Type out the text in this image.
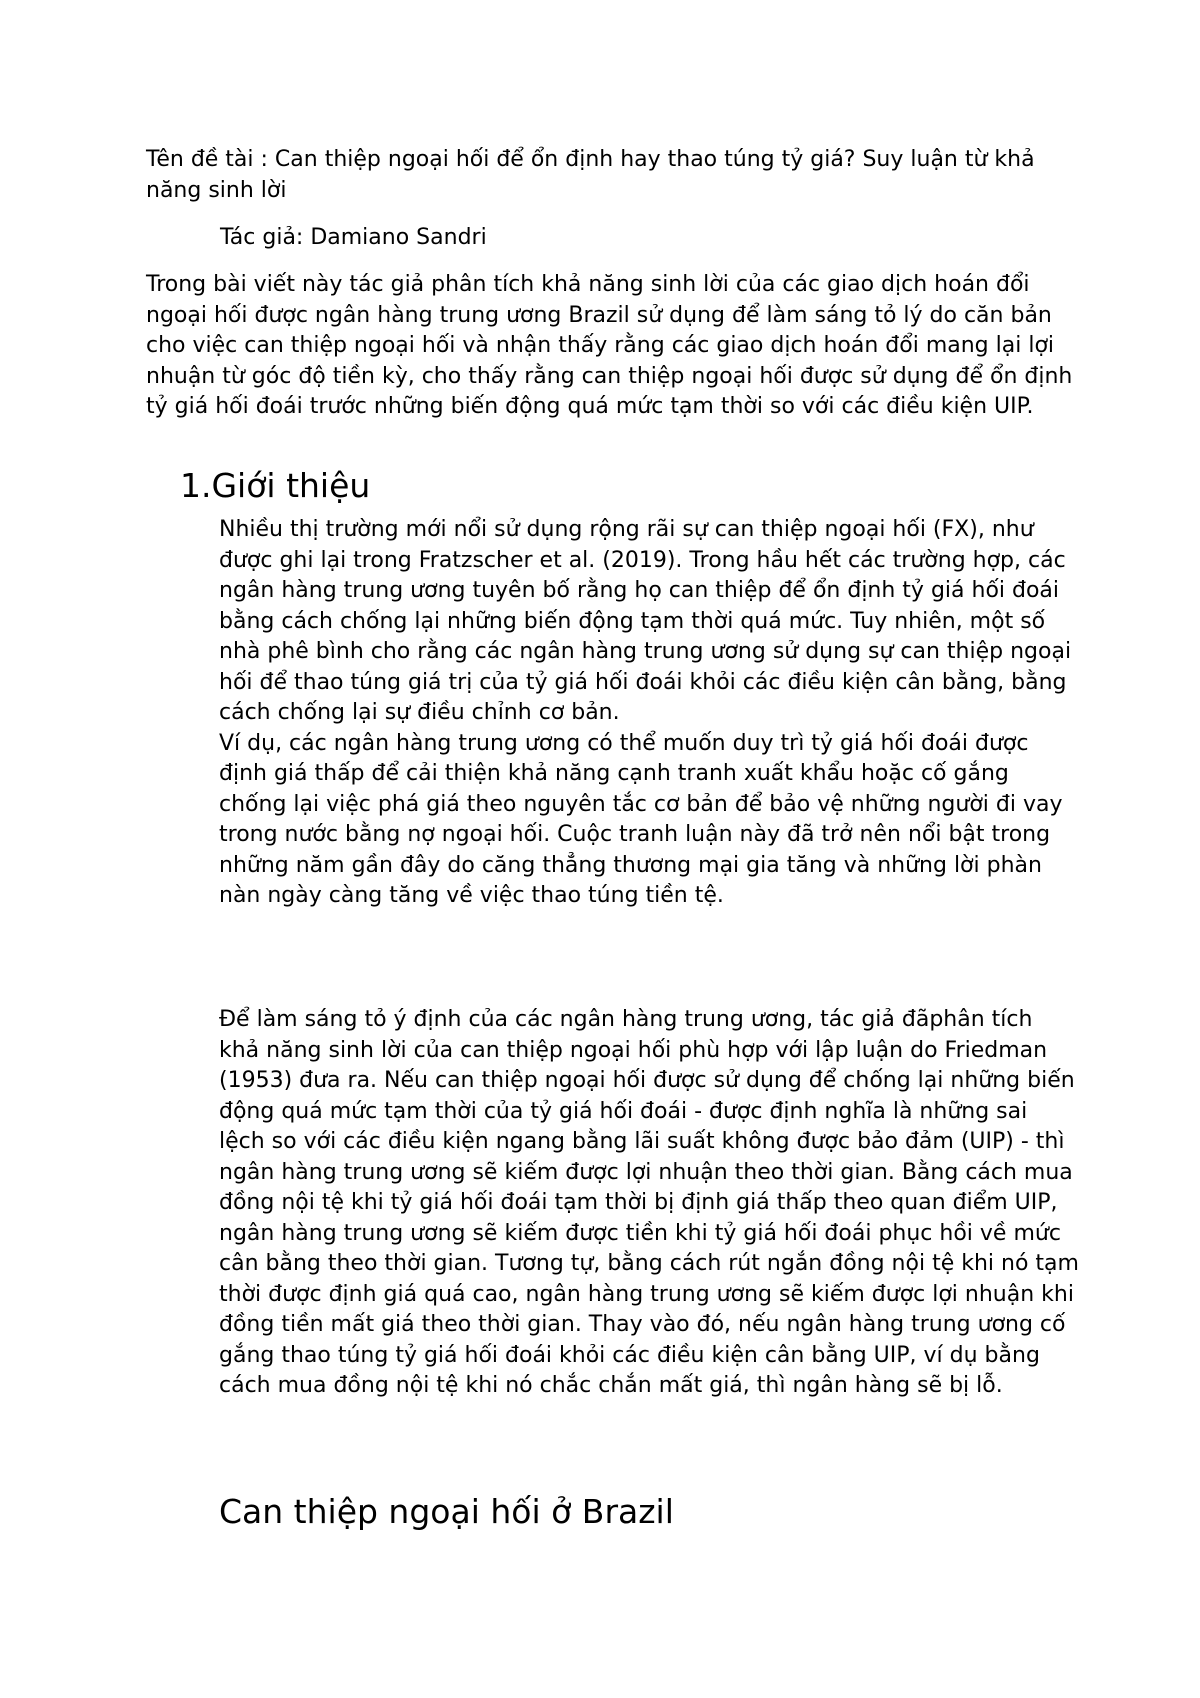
Tên đề tài : Can thiệp ngoại hối để ổn định hay thao túng tỷ giá? Suy luận từ khả năng sinh lời

Tác giả: Damiano Sandri

Trong bài viết này tác giả phân tích khả năng sinh lời của các giao dịch hoán đổi ngoại hối được ngân hàng trung ương Brazil sử dụng để làm sáng tỏ lý do căn bản cho việc can thiệp ngoại hối và nhận thấy rằng các giao dịch hoán đổi mang lại lợi nhuận từ góc độ tiền kỳ, cho thấy rằng can thiệp ngoại hối được sử dụng để ổn định tỷ giá hối đoái trước những biến động quá mức tạm thời so với các điều kiện UIP.

1.Giới thiệu

Nhiều thị trường mới nổi sử dụng rộng rãi sự can thiệp ngoại hối (FX), như được ghi lại trong Fratzscher et al. (2019). Trong hầu hết các trường hợp, các ngân hàng trung ương tuyên bố rằng họ can thiệp để ổn định tỷ giá hối đoái bằng cách chống lại những biến động tạm thời quá mức. Tuy nhiên, một số nhà phê bình cho rằng các ngân hàng trung ương sử dụng sự can thiệp ngoại hối để thao túng giá trị của tỷ giá hối đoái khỏi các điều kiện cân bằng, bằng cách chống lại sự điều chỉnh cơ bản.
Ví dụ, các ngân hàng trung ương có thể muốn duy trì tỷ giá hối đoái được định giá thấp để cải thiện khả năng cạnh tranh xuất khẩu hoặc cố gắng chống lại việc phá giá theo nguyên tắc cơ bản để bảo vệ những người đi vay trong nước bằng nợ ngoại hối. Cuộc tranh luận này đã trở nên nổi bật trong những năm gần đây do căng thẳng thương mại gia tăng và những lời phàn nàn ngày càng tăng về việc thao túng tiền tệ.

Để làm sáng tỏ ý định của các ngân hàng trung ương, tác giả đãphân tích khả năng sinh lời của can thiệp ngoại hối phù hợp với lập luận do Friedman (1953) đưa ra. Nếu can thiệp ngoại hối được sử dụng để chống lại những biến động quá mức tạm thời của tỷ giá hối đoái - được định nghĩa là những sai lệch so với các điều kiện ngang bằng lãi suất không được bảo đảm (UIP) - thì ngân hàng trung ương sẽ kiếm được lợi nhuận theo thời gian. Bằng cách mua đồng nội tệ khi tỷ giá hối đoái tạm thời bị định giá thấp theo quan điểm UIP, ngân hàng trung ương sẽ kiếm được tiền khi tỷ giá hối đoái phục hồi về mức cân bằng theo thời gian. Tương tự, bằng cách rút ngắn đồng nội tệ khi nó tạm thời được định giá quá cao, ngân hàng trung ương sẽ kiếm được lợi nhuận khi đồng tiền mất giá theo thời gian. Thay vào đó, nếu ngân hàng trung ương cố gắng thao túng tỷ giá hối đoái khỏi các điều kiện cân bằng UIP, ví dụ bằng cách mua đồng nội tệ khi nó chắc chắn mất giá, thì ngân hàng sẽ bị lỗ.

Can thiệp ngoại hối ở Brazil
